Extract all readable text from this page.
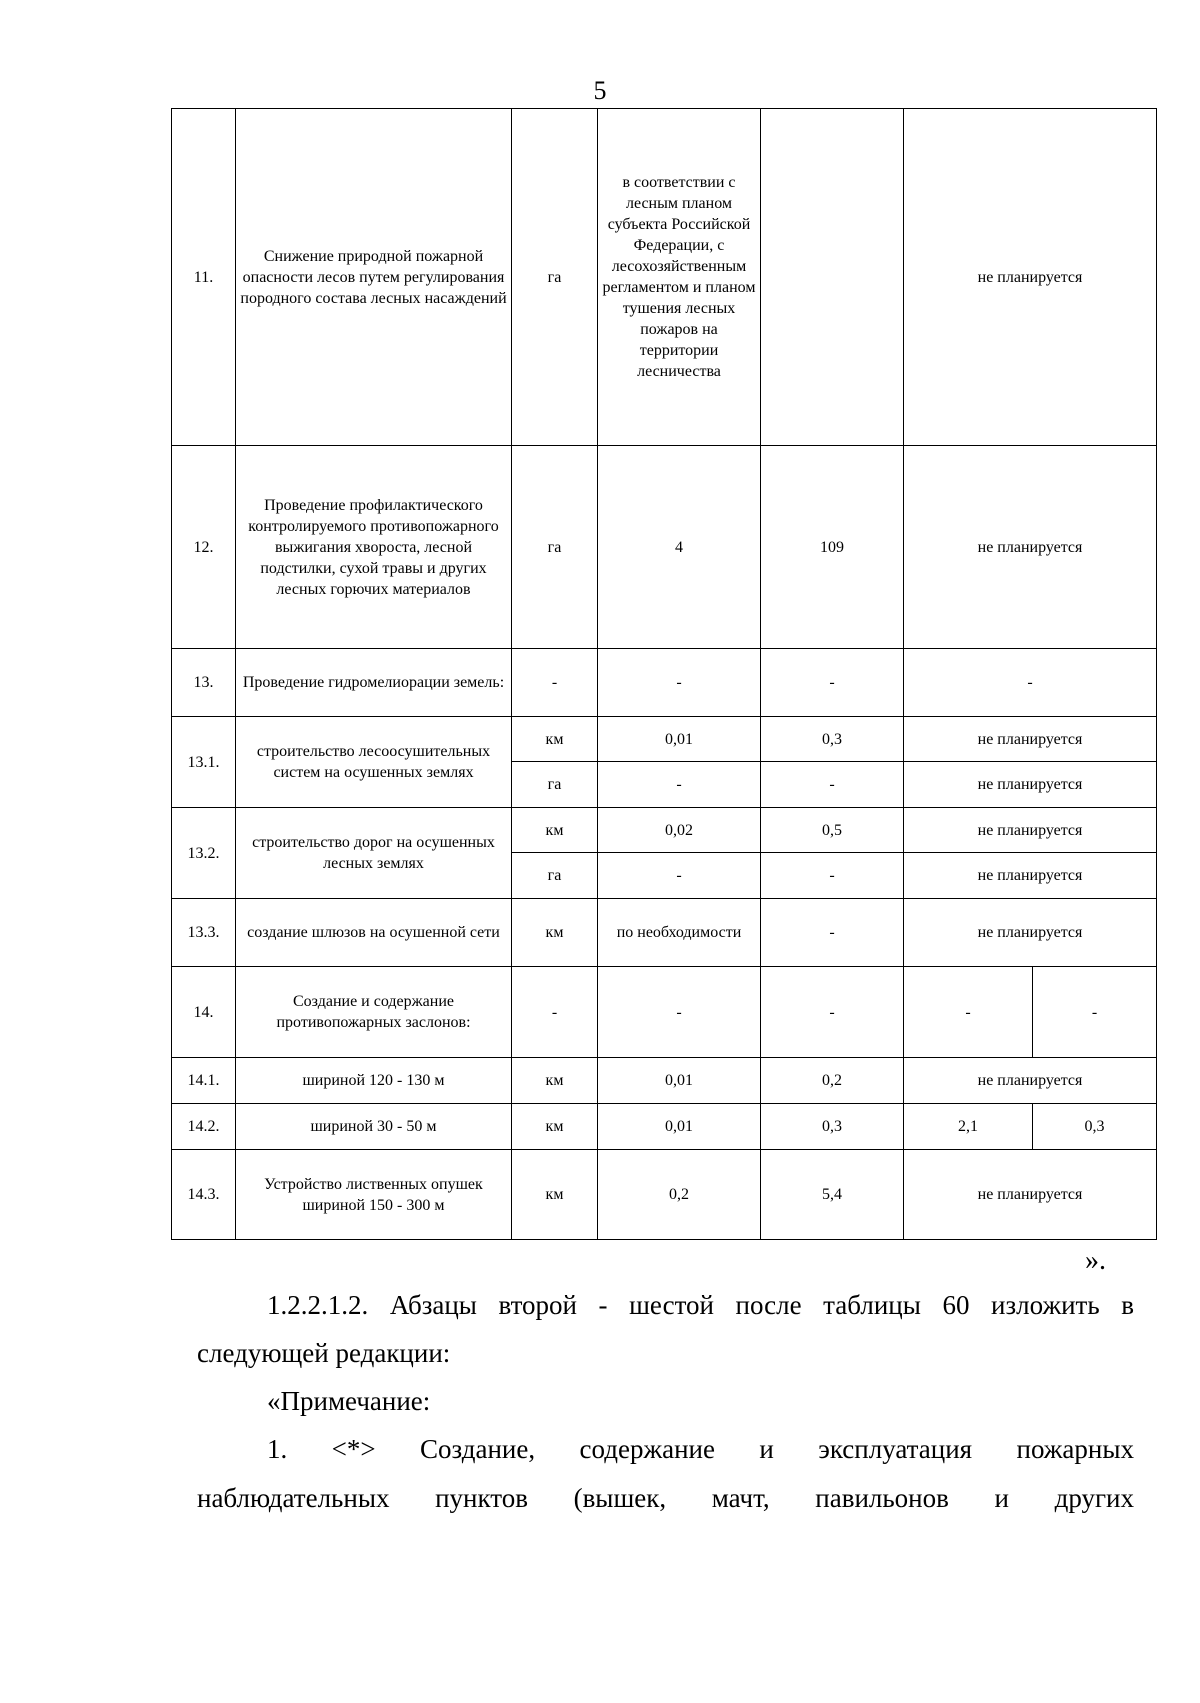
5
11.	Снижение природной пожарной опасности лесов путем регулирования породного состава лесных насаждений	га	в соответствии с лесным планом субъекта Российской Федерации, с лесохозяйственным регламентом и планом тушения лесных пожаров на территории лесничества		не планируется	
12.	Проведение профилактического контролируемого противопожарного выжигания хвороста, лесной подстилки, сухой травы и других лесных горючих материалов	га	4	109	не планируется	
13.	Проведение гидромелиорации земель:	-	-	-	-	
13.1.	строительство лесоосушительных систем на осушенных землях	км	0,01	0,3	не планируется	
		га	-	-	не планируется	
13.2.	строительство дорог на осушенных лесных землях	км	0,02	0,5	не планируется	
		га	-	-	не планируется	
13.3.	создание шлюзов на осушенной сети	км	по необходимости	-	не планируется	
14.	Создание и содержание противопожарных заслонов:	-	-	-	-	-
14.1.	шириной 120 - 130 м	км	0,01	0,2	не планируется	
14.2.	шириной 30 - 50 м	км	0,01	0,3	2,1	0,3
14.3.	Устройство лиственных опушек шириной 150 - 300 м	км	0,2	5,4	не планируется	
».
1.2.2.1.2. Абзацы второй - шестой после таблицы 60 изложить в
следующей редакции:
«Примечание:
1. <*> Создание, содержание и эксплуатация пожарных
наблюдательных пунктов (вышек, мачт, павильонов и других
